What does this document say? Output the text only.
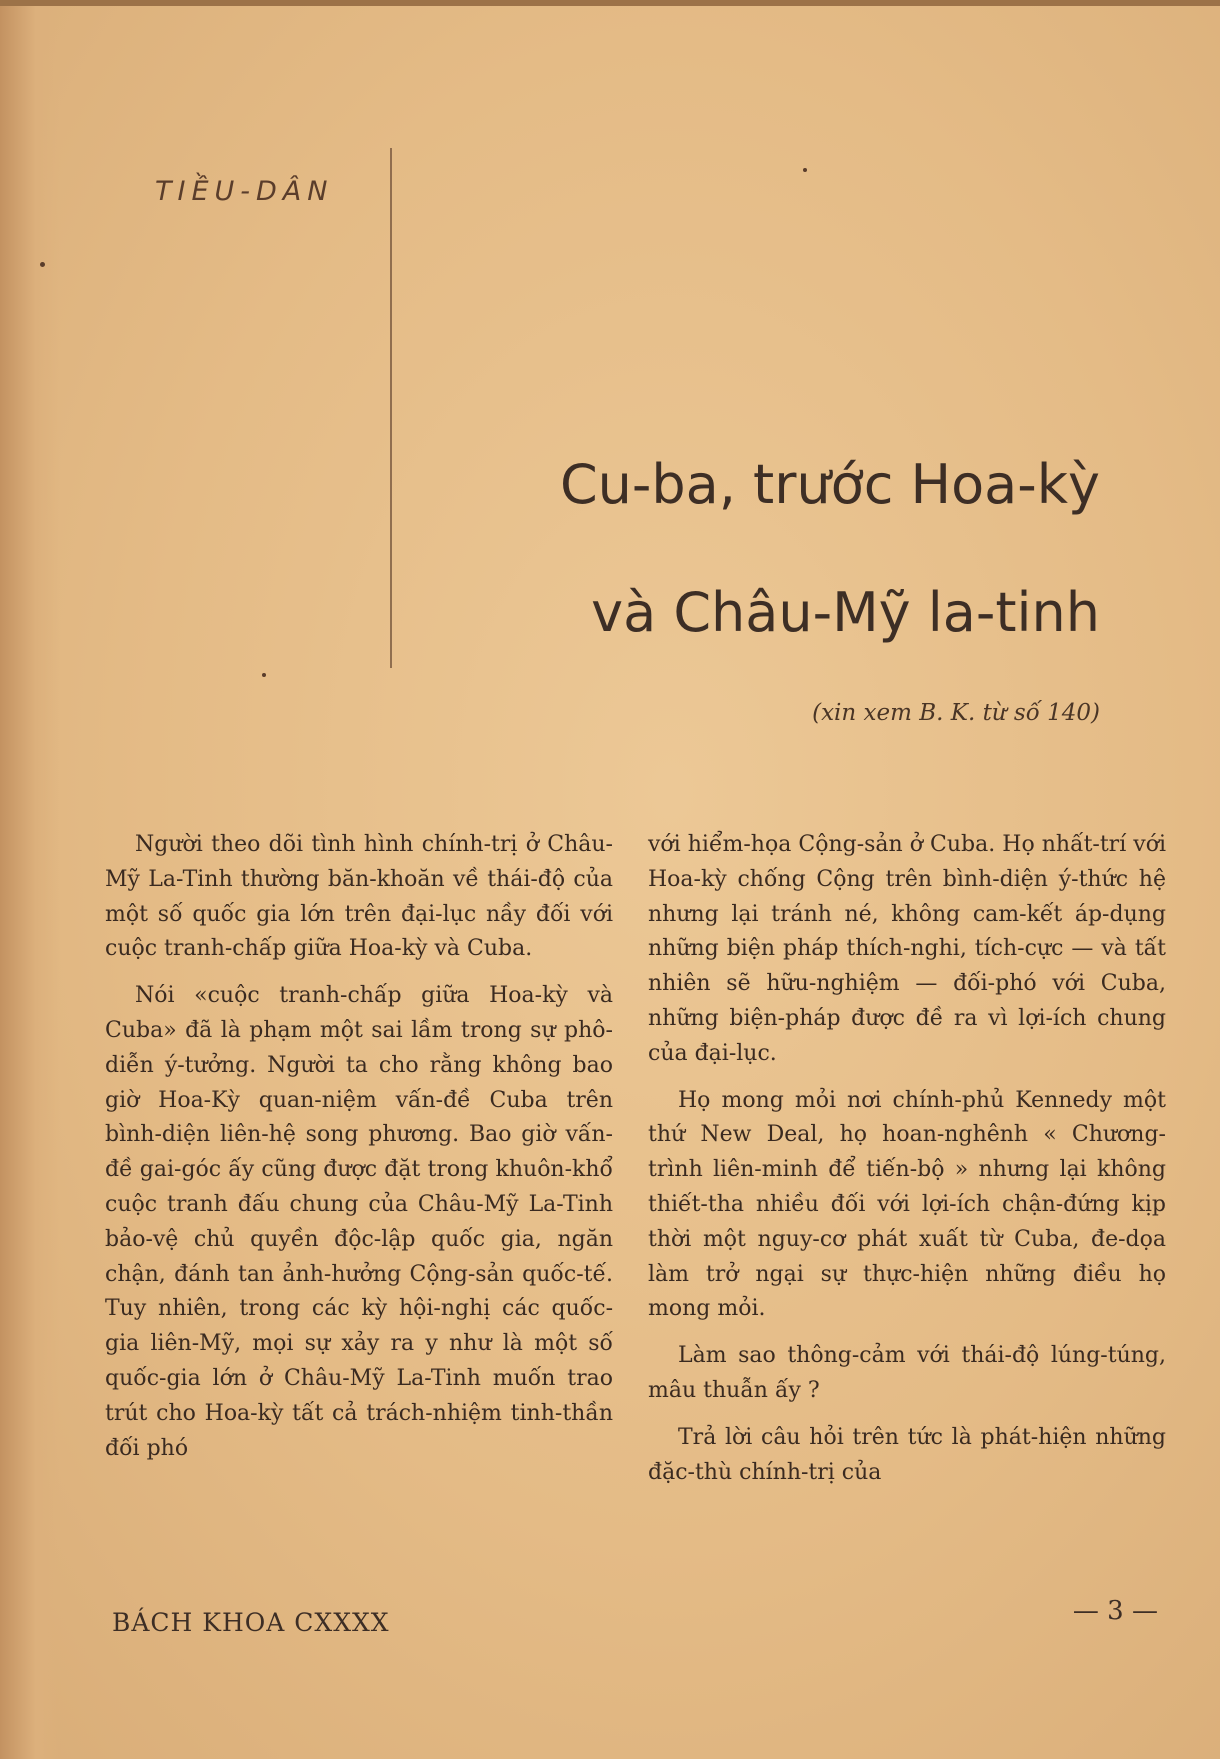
TIỀU-DÂN
Cu-ba, trước Hoa-kỳ
và Châu-Mỹ la-tinh
(xin xem B. K. từ số 140)

Người theo dõi tình hình chính-trị ở Châu-Mỹ La-Tinh thường băn-khoăn về thái-độ của một số quốc gia lớn trên đại-lục nầy đối với cuộc tranh-chấp giữa Hoa-kỳ và Cuba.

Nói «cuộc tranh-chấp giữa Hoa-kỳ và Cuba» đã là phạm một sai lầm trong sự phô-diễn ý-tưởng. Người ta cho rằng không bao giờ Hoa-Kỳ quan-niệm vấn-đề Cuba trên bình-diện liên-hệ song phương. Bao giờ vấn-đề gai-góc ấy cũng được đặt trong khuôn-khổ cuộc tranh đấu chung của Châu-Mỹ La-Tinh bảo-vệ chủ quyền độc-lập quốc gia, ngăn chận, đánh tan ảnh-hưởng Cộng-sản quốc-tế. Tuy nhiên, trong các kỳ hội-nghị các quốc-gia liên-Mỹ, mọi sự xảy ra y như là một số quốc-gia lớn ở Châu-Mỹ La-Tinh muốn trao trút cho Hoa-kỳ tất cả trách-nhiệm tinh-thần đối phó

với hiểm-họa Cộng-sản ở Cuba. Họ nhất-trí với Hoa-kỳ chống Cộng trên bình-diện ý-thức hệ nhưng lại tránh né, không cam-kết áp-dụng những biện pháp thích-nghi, tích-cực — và tất nhiên sẽ hữu-nghiệm — đối-phó với Cuba, những biện-pháp được đề ra vì lợi-ích chung của đại-lục.

Họ mong mỏi nơi chính-phủ Kennedy một thứ New Deal, họ hoan-nghênh « Chương-trình liên-minh để tiến-bộ » nhưng lại không thiết-tha nhiều đối với lợi-ích chận-đứng kịp thời một nguy-cơ phát xuất từ Cuba, đe-dọa làm trở ngại sự thực-hiện những điều họ mong mỏi.

Làm sao thông-cảm với thái-độ lúng-túng, mâu thuẫn ấy ?

Trả lời câu hỏi trên tức là phát-hiện những đặc-thù chính-trị của

BÁCH KHOA CXXXX	— 3 —
